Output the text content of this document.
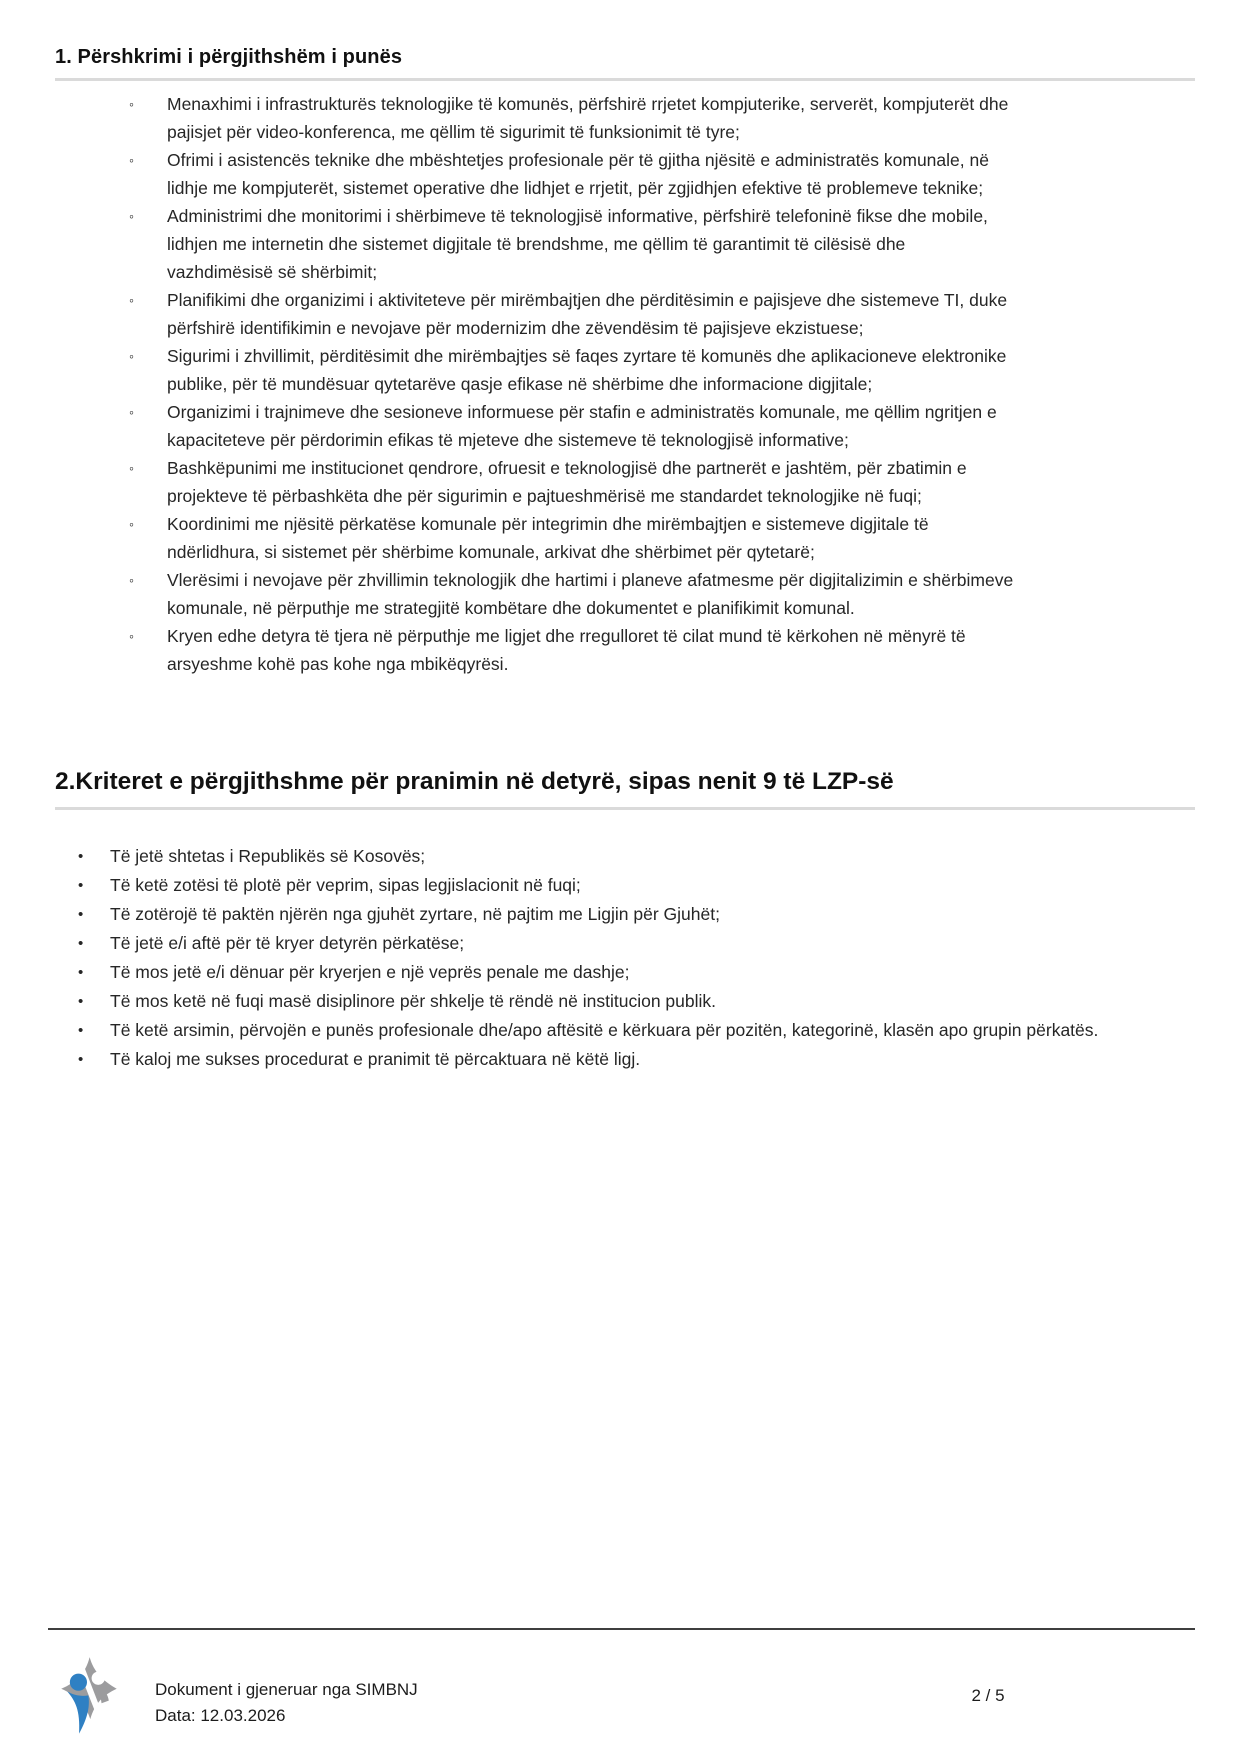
1. Përshkrimi i përgjithshëm i punës
◦	Menaxhimi i infrastrukturës teknologjike të komunës, përfshirë rrjetet kompjuterike, serverët, kompjuterët dhe pajisjet për video-konferenca, me qëllim të sigurimit të funksionimit të tyre;
◦	Ofrimi i asistencës teknike dhe mbështetjes profesionale për të gjitha njësitë e administratës komunale, në lidhje me kompjuterët, sistemet operative dhe lidhjet e rrjetit, për zgjidhjen efektive të problemeve teknike;
◦	Administrimi dhe monitorimi i shërbimeve të teknologjisë informative, përfshirë telefoninë fikse dhe mobile, lidhjen me internetin dhe sistemet digjitale të brendshme, me qëllim të garantimit të cilësisë dhe vazhdimësisë së shërbimit;
◦	Planifikimi dhe organizimi i aktiviteteve për mirëmbajtjen dhe përditësimin e pajisjeve dhe sistemeve TI, duke përfshirë identifikimin e nevojave për modernizim dhe zëvendësim të pajisjeve ekzistuese;
◦	Sigurimi i zhvillimit, përditësimit dhe mirëmbajtjes së faqes zyrtare të komunës dhe aplikacioneve elektronike publike, për të mundësuar qytetarëve qasje efikase në shërbime dhe informacione digjitale;
◦	Organizimi i trajnimeve dhe sesioneve informuese për stafin e administratës komunale, me qëllim ngritjen e kapaciteteve për përdorimin efikas të mjeteve dhe sistemeve të teknologjisë informative;
◦	Bashkëpunimi me institucionet qendrore, ofruesit e teknologjisë dhe partnerët e jashtëm, për zbatimin e projekteve të përbashkëta dhe për sigurimin e pajtueshmërisë me standardet teknologjike në fuqi;
◦	Koordinimi me njësitë përkatëse komunale për integrimin dhe mirëmbajtjen e sistemeve digjitale të ndërlidhura, si sistemet për shërbime komunale, arkivat dhe shërbimet për qytetarë;
◦	Vlerësimi i nevojave për zhvillimin teknologjik dhe hartimi i planeve afatmesme për digjitalizimin e shërbimeve komunale, në përputhje me strategjitë kombëtare dhe dokumentet e planifikimit komunal.
◦	Kryen edhe detyra të tjera në përputhje me ligjet dhe rregulloret të cilat mund të kërkohen në mënyrë të arsyeshme kohë pas kohe nga mbikëqyrësi.
2.Kriteret e përgjithshme për pranimin në detyrë, sipas nenit 9 të LZP-së
•	Të jetë shtetas i Republikës së Kosovës;
•	Të ketë zotësi të plotë për veprim, sipas legjislacionit në fuqi;
•	Të zotërojë të paktën njërën nga gjuhët zyrtare, në pajtim me Ligjin për Gjuhët;
•	Të jetë e/i aftë për të kryer detyrën përkatëse;
•	Të mos jetë e/i dënuar për kryerjen e një veprës penale me dashje;
•	Të mos ketë në fuqi masë disiplinore për shkelje të rëndë në institucion publik.
•	Të ketë arsimin, përvojën e punës profesionale dhe/apo aftësitë e kërkuara për pozitën, kategorinë, klasën apo grupin përkatës.
•	Të kaloj me sukses procedurat e pranimit të përcaktuara në këtë ligj.
Dokument i gjeneruar nga SIMBNJ
Data: 12.03.2026
2 / 5
